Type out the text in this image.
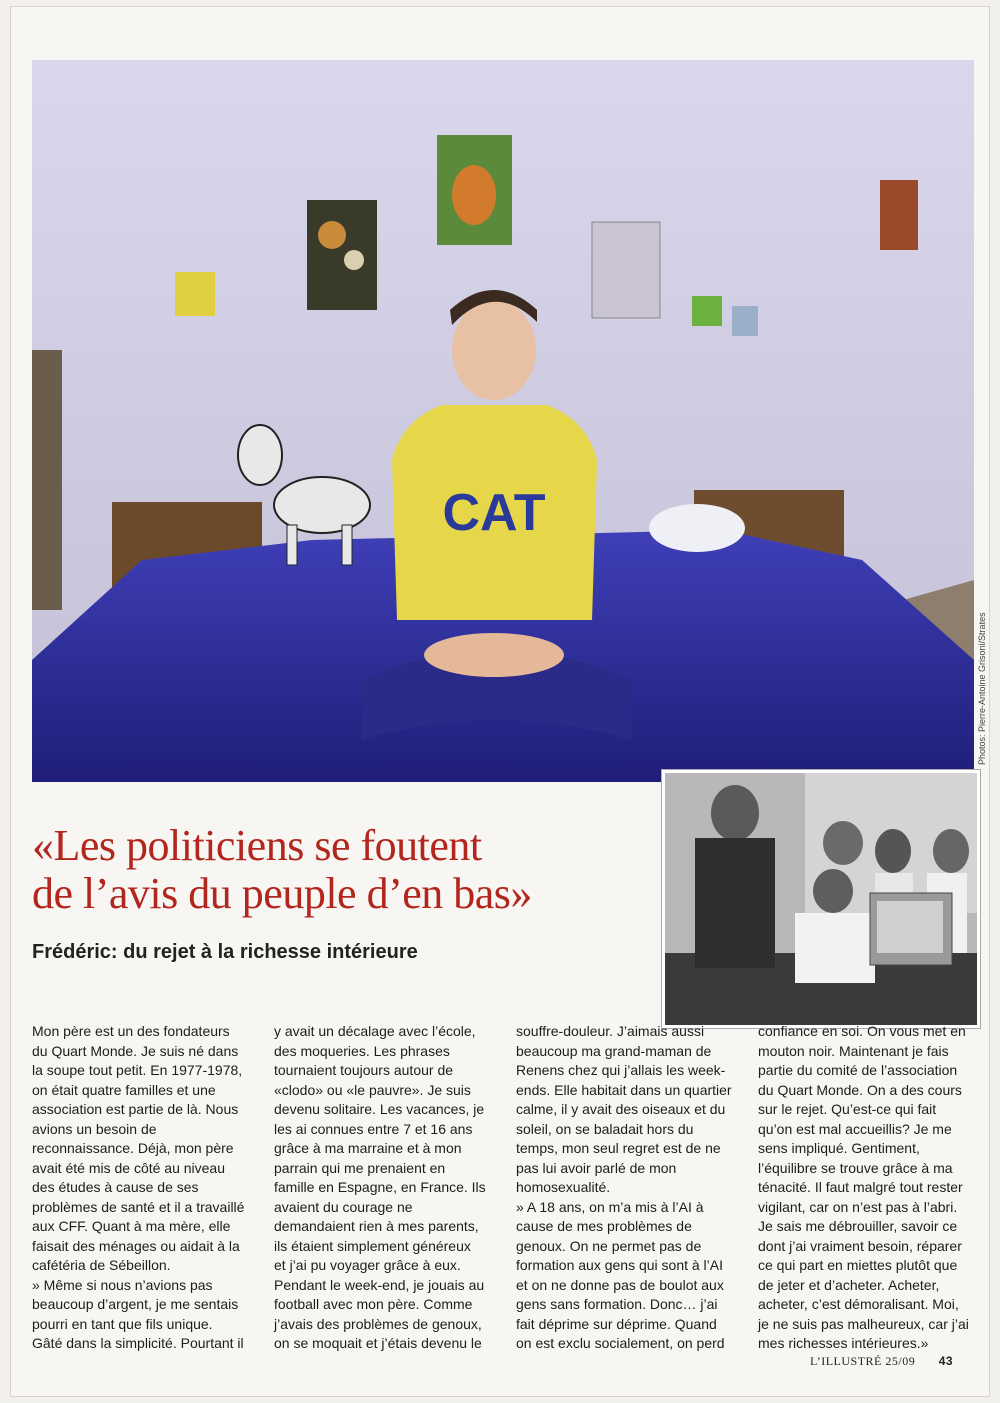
CAT
Photos: Pierre-Antoine Grisoni/Strates
«Les politiciens se foutent
de l’avis du peuple d’en bas»
Frédéric: du rejet à la richesse intérieure
Mon père est un des fondateurs
du Quart Monde. Je suis né dans
la soupe tout petit. En 1977-1978,
on était quatre familles et une
association est partie de là. Nous
avions un besoin de
reconnaissance. Déjà, mon père
avait été mis de côté au niveau
des études à cause de ses
problèmes de santé et il a travaillé
aux CFF. Quant à ma mère, elle
faisait des ménages ou aidait à la
cafétéria de Sébeillon.
» Même si nous n’avions pas
beaucoup d’argent, je me sentais
pourri en tant que fils unique.
Gâté dans la simplicité. Pourtant il
y avait un décalage avec l’école,
des moqueries. Les phrases
tournaient toujours autour de
«clodo» ou «le pauvre». Je suis
devenu solitaire. Les vacances, je
les ai connues entre 7 et 16 ans
grâce à ma marraine et à mon
parrain qui me prenaient en
famille en Espagne, en France. Ils
avaient du courage ne
demandaient rien à mes parents,
ils étaient simplement généreux
et j’ai pu voyager grâce à eux.
Pendant le week-end, je jouais au
football avec mon père. Comme
j’avais des problèmes de genoux,
on se moquait et j’étais devenu le
souffre-douleur. J’aimais aussi
beaucoup ma grand-maman de
Renens chez qui j’allais les week-
ends. Elle habitait dans un quartier
calme, il y avait des oiseaux et du
soleil, on se baladait hors du
temps, mon seul regret est de ne
pas lui avoir parlé de mon
homosexualité.
» A 18 ans, on m’a mis à l’AI à
cause de mes problèmes de
genoux. On ne permet pas de
formation aux gens qui sont à l’AI
et on ne donne pas de boulot aux
gens sans formation. Donc… j’ai
fait déprime sur déprime. Quand
on est exclu socialement, on perd
confiance en soi. On vous met en
mouton noir. Maintenant je fais
partie du comité de l’association
du Quart Monde. On a des cours
sur le rejet. Qu’est-ce qui fait
qu’on est mal accueillis? Je me
sens impliqué. Gentiment,
l’équilibre se trouve grâce à ma
ténacité. Il faut malgré tout rester
vigilant, car on n’est pas à l’abri.
Je sais me débrouiller, savoir ce
dont j’ai vraiment besoin, réparer
ce qui part en miettes plutôt que
de jeter et d’acheter. Acheter,
acheter, c’est démoralisant. Moi,
je ne suis pas malheureux, car j’ai
mes richesses intérieures.»
L’ILLUSTRÉ 25/09 43
